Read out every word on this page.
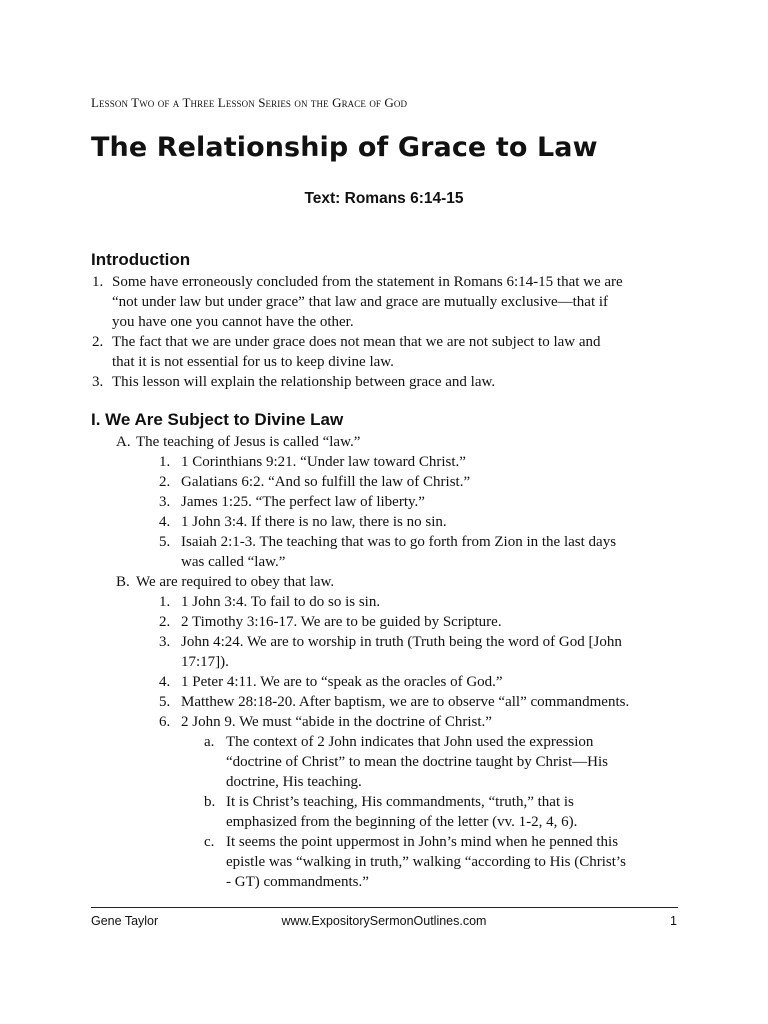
Lesson Two of a Three Lesson Series on the Grace of God
The Relationship of Grace to Law
Text: Romans 6:14-15
Introduction
1. Some have erroneously concluded from the statement in Romans 6:14-15 that we are
“not under law but under grace” that law and grace are mutually exclusive—that if
you have one you cannot have the other.
2. The fact that we are under grace does not mean that we are not subject to law and
that it is not essential for us to keep divine law.
3. This lesson will explain the relationship between grace and law.
I. We Are Subject to Divine Law
A. The teaching of Jesus is called “law.”
1. 1 Corinthians 9:21. “Under law toward Christ.”
2. Galatians 6:2. “And so fulfill the law of Christ.”
3. James 1:25. “The perfect law of liberty.”
4. 1 John 3:4. If there is no law, there is no sin.
5. Isaiah 2:1-3. The teaching that was to go forth from Zion in the last days
was called “law.”
B. We are required to obey that law.
1. 1 John 3:4. To fail to do so is sin.
2. 2 Timothy 3:16-17. We are to be guided by Scripture.
3. John 4:24. We are to worship in truth (Truth being the word of God [John
17:17]).
4. 1 Peter 4:11. We are to “speak as the oracles of God.”
5. Matthew 28:18-20. After baptism, we are to observe “all” commandments.
6. 2 John 9. We must “abide in the doctrine of Christ.”
a. The context of 2 John indicates that John used the expression
“doctrine of Christ” to mean the doctrine taught by Christ—His
doctrine, His teaching.
b. It is Christ’s teaching, His commandments, “truth,” that is
emphasized from the beginning of the letter (vv. 1-2, 4, 6).
c. It seems the point uppermost in John’s mind when he penned this
epistle was “walking in truth,” walking “according to His (Christ’s
- GT) commandments.”
Gene Taylor	www.ExpositorySermonOutlines.com	1
